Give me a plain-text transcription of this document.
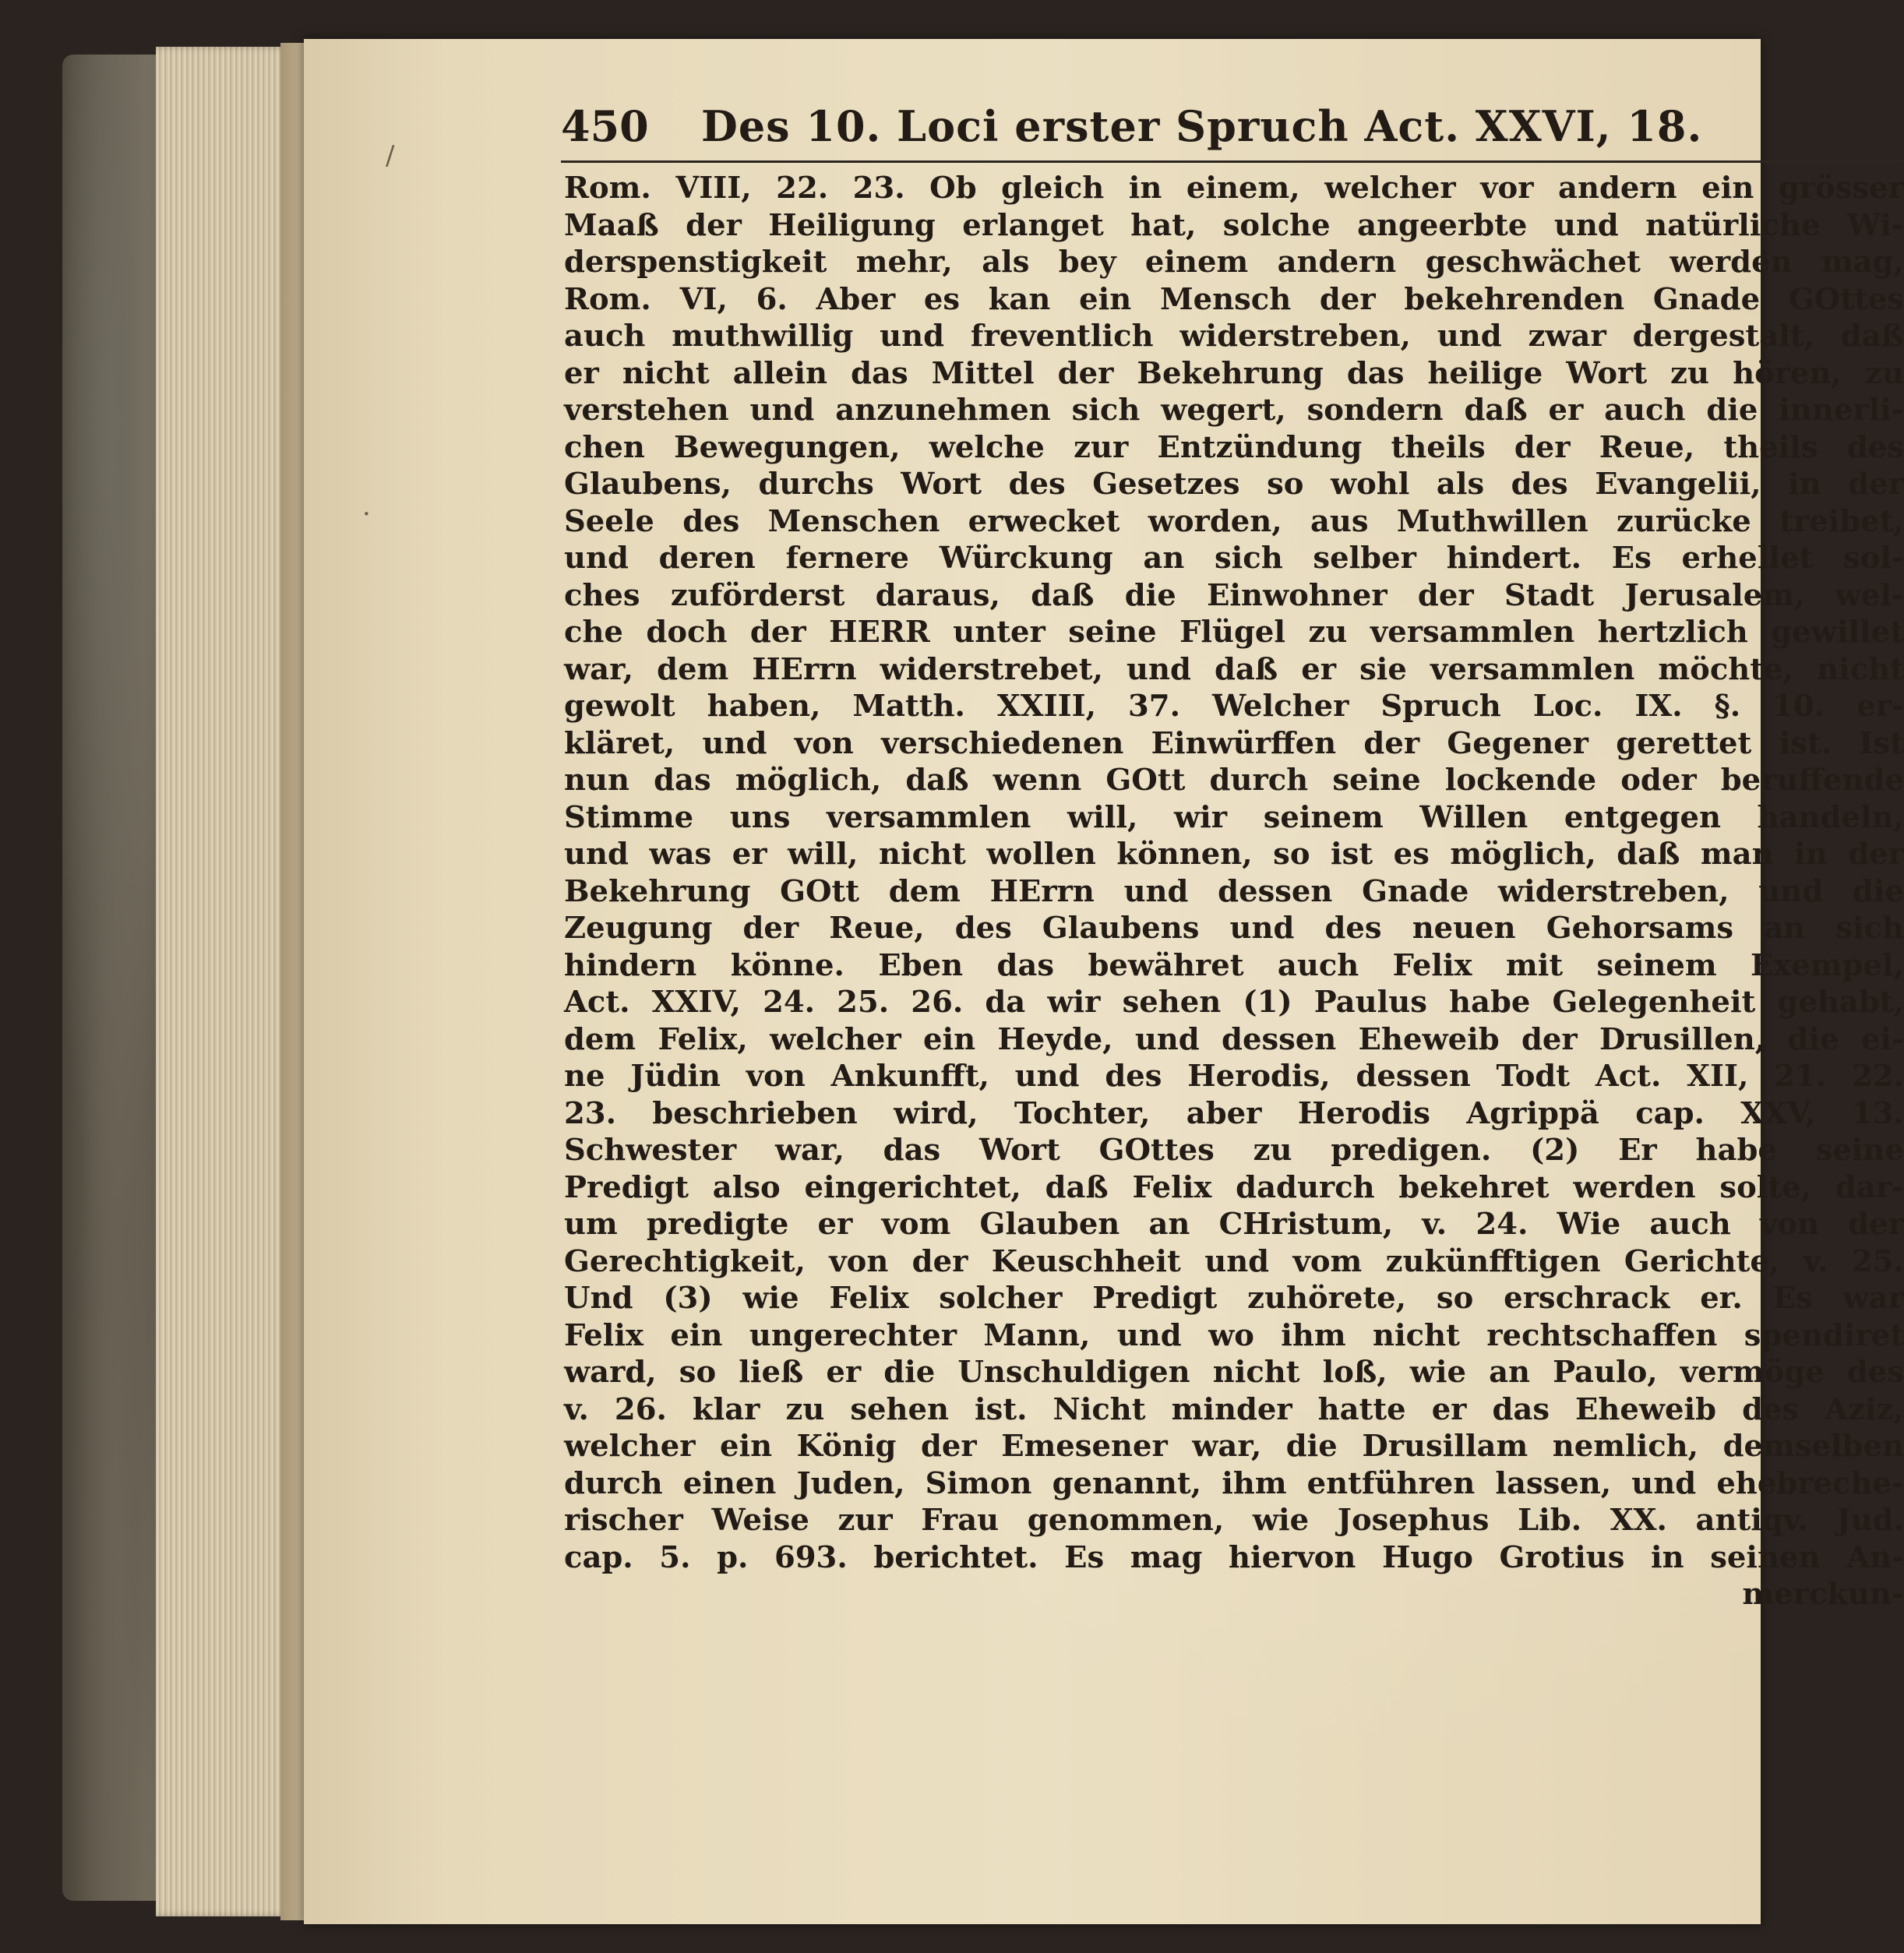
450 Des 10. Loci erster Spruch Act. XXVI, 18.
Rom. VIII, 22. 23. Ob gleich in einem, welcher vor andern ein grösser
Maaß der Heiligung erlanget hat, solche angeerbte und natürliche Wi-
derspenstigkeit mehr, als bey einem andern geschwächet werden mag,
Rom. VI, 6. Aber es kan ein Mensch der bekehrenden Gnade GOttes
auch muthwillig und freventlich widerstreben, und zwar dergestalt, daß
er nicht allein das Mittel der Bekehrung das heilige Wort zu hören, zu
verstehen und anzunehmen sich wegert, sondern daß er auch die innerli-
chen Bewegungen, welche zur Entzündung theils der Reue, theils des
Glaubens, durchs Wort des Gesetzes so wohl als des Evangelii, in der
Seele des Menschen erwecket worden, aus Muthwillen zurücke treibet,
und deren fernere Würckung an sich selber hindert. Es erhellet sol-
ches zuförderst daraus, daß die Einwohner der Stadt Jerusalem, wel-
che doch der HERR unter seine Flügel zu versammlen hertzlich gewillet
war, dem HErrn widerstrebet, und daß er sie versammlen möchte, nicht
gewolt haben, Matth. XXIII, 37. Welcher Spruch Loc. IX. §. 10. er-
kläret, und von verschiedenen Einwürffen der Gegener gerettet ist. Ist
nun das möglich, daß wenn GOtt durch seine lockende oder beruffende
Stimme uns versammlen will, wir seinem Willen entgegen handeln,
und was er will, nicht wollen können, so ist es möglich, daß man in der
Bekehrung GOtt dem HErrn und dessen Gnade widerstreben, und die
Zeugung der Reue, des Glaubens und des neuen Gehorsams an sich
hindern könne. Eben das bewähret auch Felix mit seinem Exempel,
Act. XXIV, 24. 25. 26. da wir sehen (1) Paulus habe Gelegenheit gehabt,
dem Felix, welcher ein Heyde, und dessen Eheweib der Drusillen, die ei-
ne Jüdin von Ankunfft, und des Herodis, dessen Todt Act. XII, 21. 22.
23. beschrieben wird, Tochter, aber Herodis Agrippä cap. XXV, 13.
Schwester war, das Wort GOttes zu predigen. (2) Er habe seine
Predigt also eingerichtet, daß Felix dadurch bekehret werden solte, dar-
um predigte er vom Glauben an CHristum, v. 24. Wie auch von der
Gerechtigkeit, von der Keuschheit und vom zukünfftigen Gerichte, v. 25.
Und (3) wie Felix solcher Predigt zuhörete, so erschrack er. Es war
Felix ein ungerechter Mann, und wo ihm nicht rechtschaffen spendiret
ward, so ließ er die Unschuldigen nicht loß, wie an Paulo, vermöge des
v. 26. klar zu sehen ist. Nicht minder hatte er das Eheweib des Aziz,
welcher ein König der Emesener war, die Drusillam nemlich, demselben
durch einen Juden, Simon genannt, ihm entführen lassen, und ehebreche-
rischer Weise zur Frau genommen, wie Josephus Lib. XX. antiqv. Jud.
cap. 5. p. 693. berichtet. Es mag hiervon Hugo Grotius in seinen An-
merckun-
/
·
